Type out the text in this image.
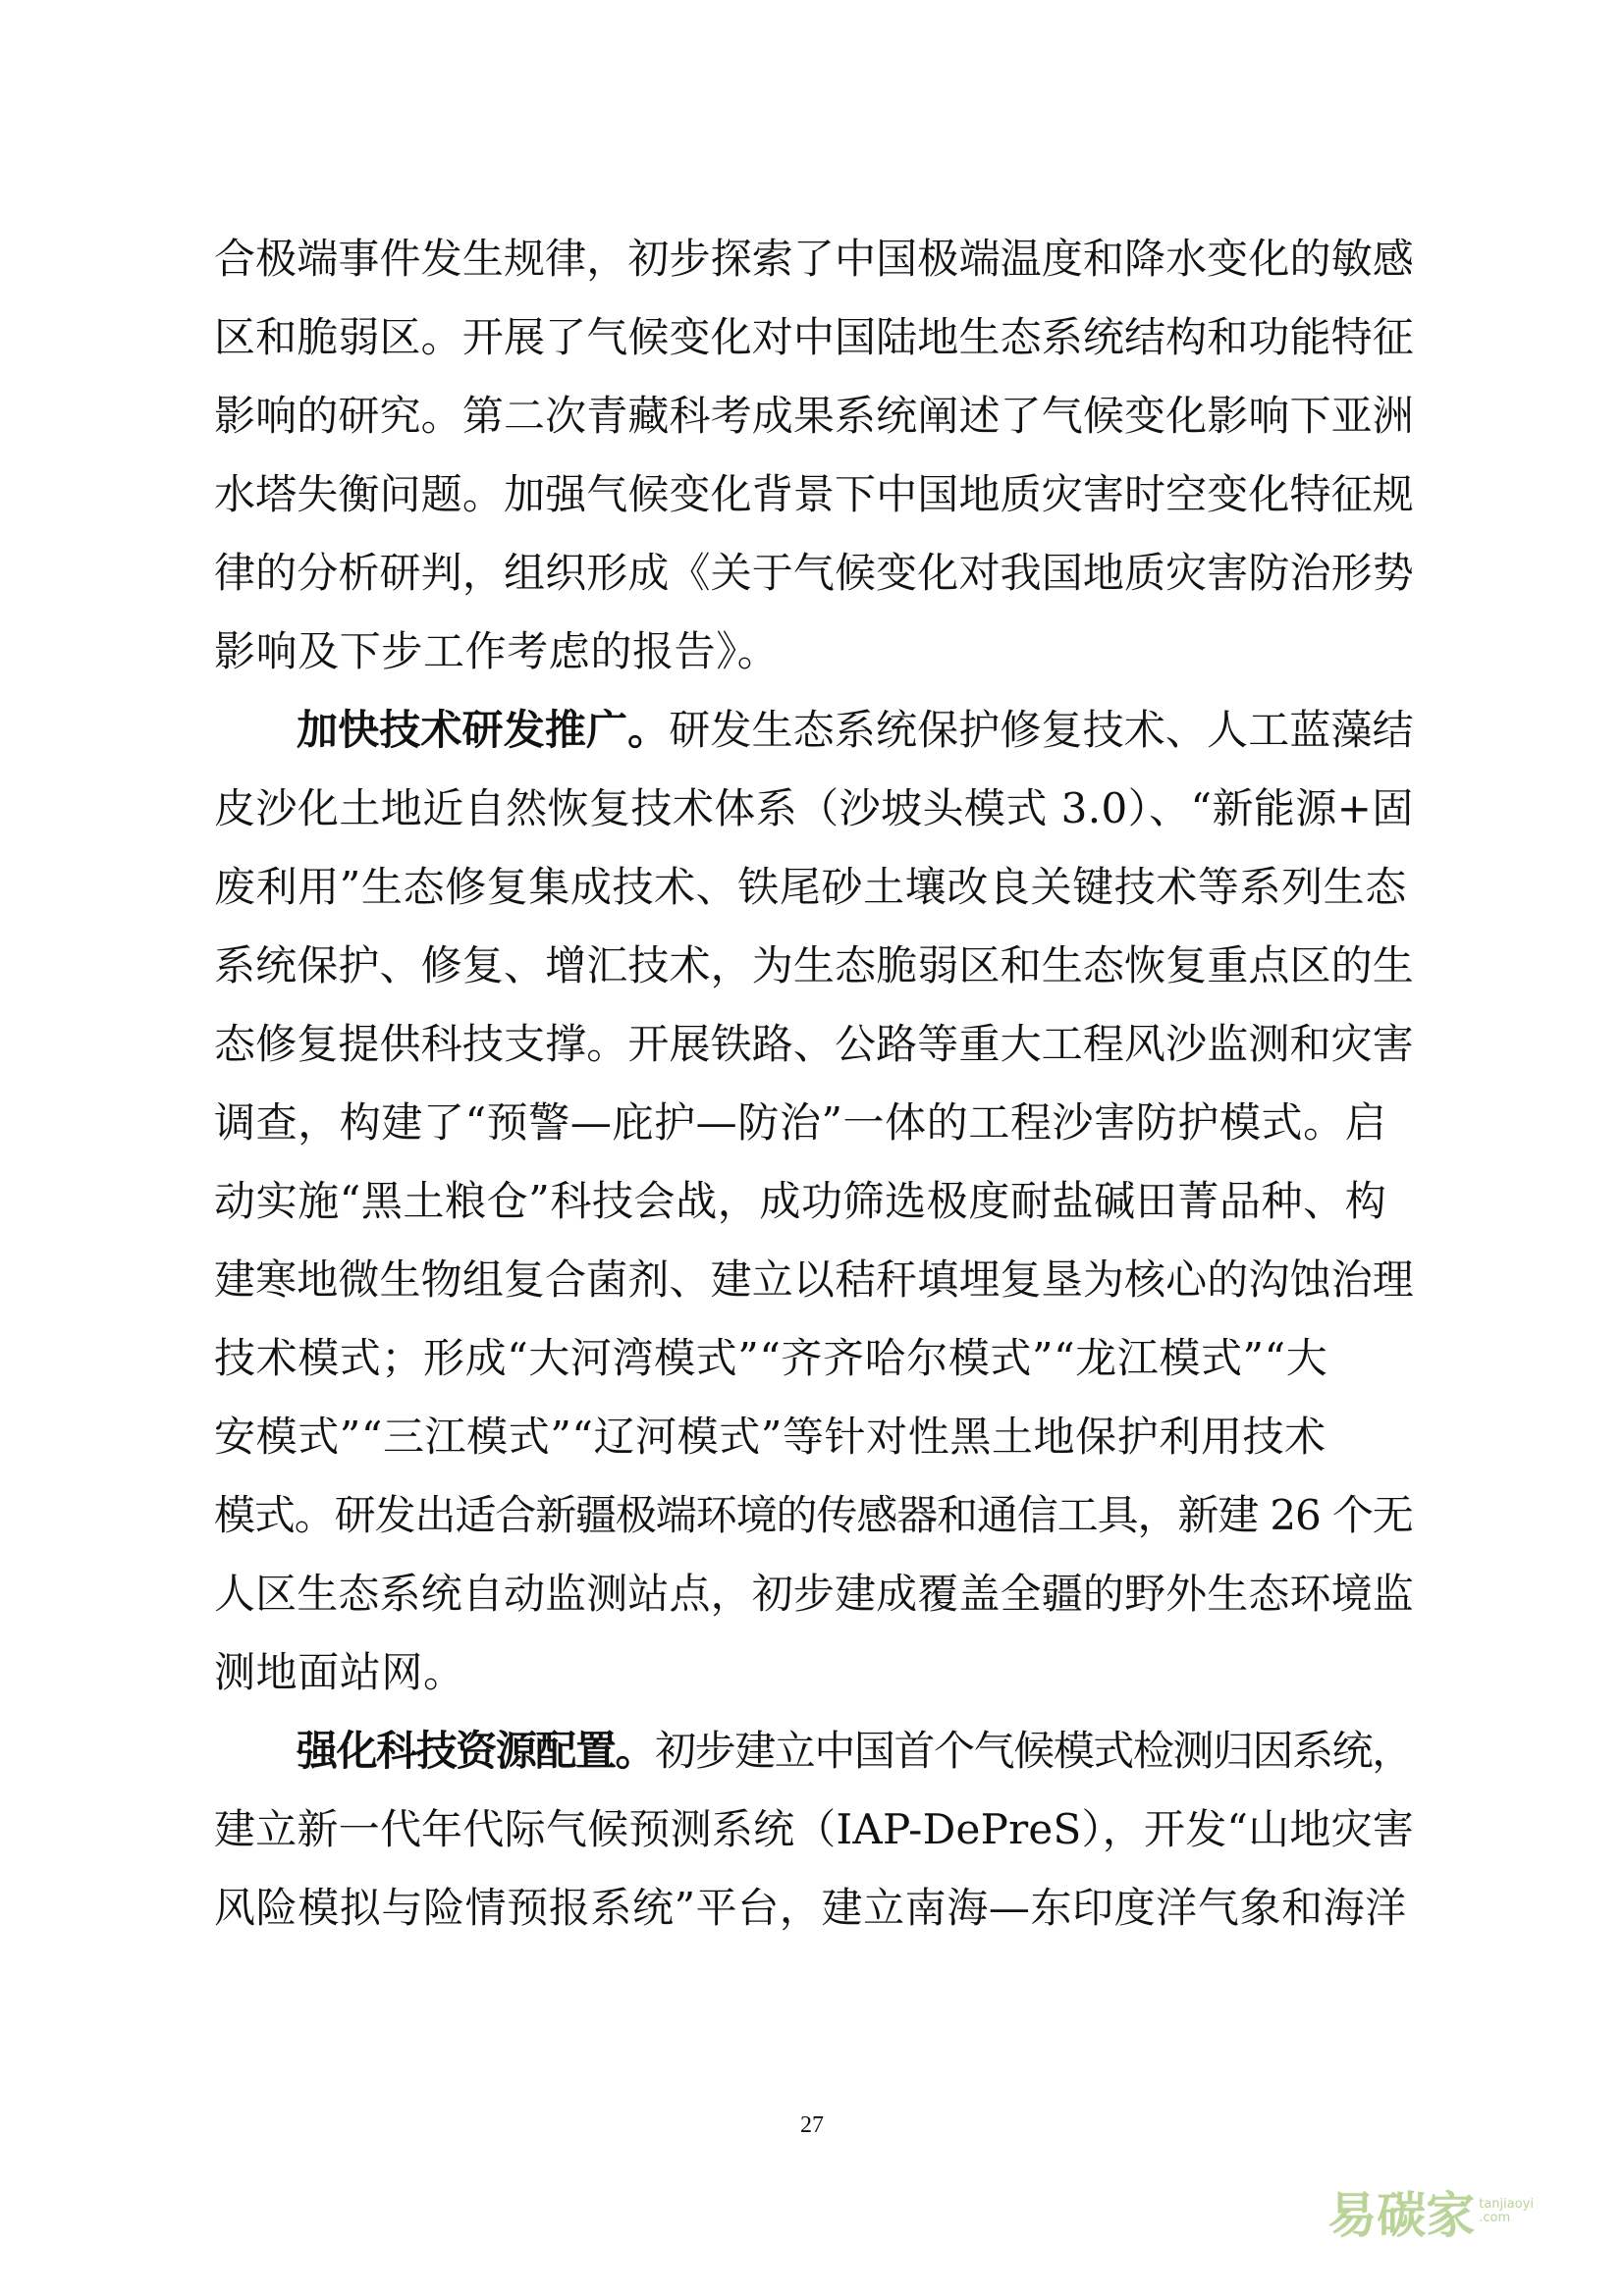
合极端事件发生规律，初步探索了中国极端温度和降水变化的敏感
区和脆弱区。开展了气候变化对中国陆地生态系统结构和功能特征
影响的研究。第二次青藏科考成果系统阐述了气候变化影响下亚洲
水塔失衡问题。加强气候变化背景下中国地质灾害时空变化特征规
律的分析研判，组织形成《关于气候变化对我国地质灾害防治形势
影响及下步工作考虑的报告》。
加快技术研发推广。研发生态系统保护修复技术、人工蓝藻结
皮沙化土地近自然恢复技术体系（沙坡头模式 3.0）、“新能源+固
废利用”生态修复集成技术、铁尾砂土壤改良关键技术等系列生态
系统保护、修复、增汇技术，为生态脆弱区和生态恢复重点区的生
态修复提供科技支撑。开展铁路、公路等重大工程风沙监测和灾害
调查，构建了“预警—庇护—防治”一体的工程沙害防护模式。启
动实施“黑土粮仓”科技会战，成功筛选极度耐盐碱田菁品种、构
建寒地微生物组复合菌剂、建立以秸秆填埋复垦为核心的沟蚀治理
技术模式；形成“大河湾模式”“齐齐哈尔模式”“龙江模式”“大
安模式”“三江模式”“辽河模式”等针对性黑土地保护利用技术
模式。研发出适合新疆极端环境的传感器和通信工具，新建 26 个无
人区生态系统自动监测站点，初步建成覆盖全疆的野外生态环境监
测地面站网。
强化科技资源配置。初步建立中国首个气候模式检测归因系统，
建立新一代年代际气候预测系统（IAP-DePreS），开发“山地灾害
风险模拟与险情预报系统”平台，建立南海—东印度洋气象和海洋
27
易碳家 tanjiaoyi
.com
